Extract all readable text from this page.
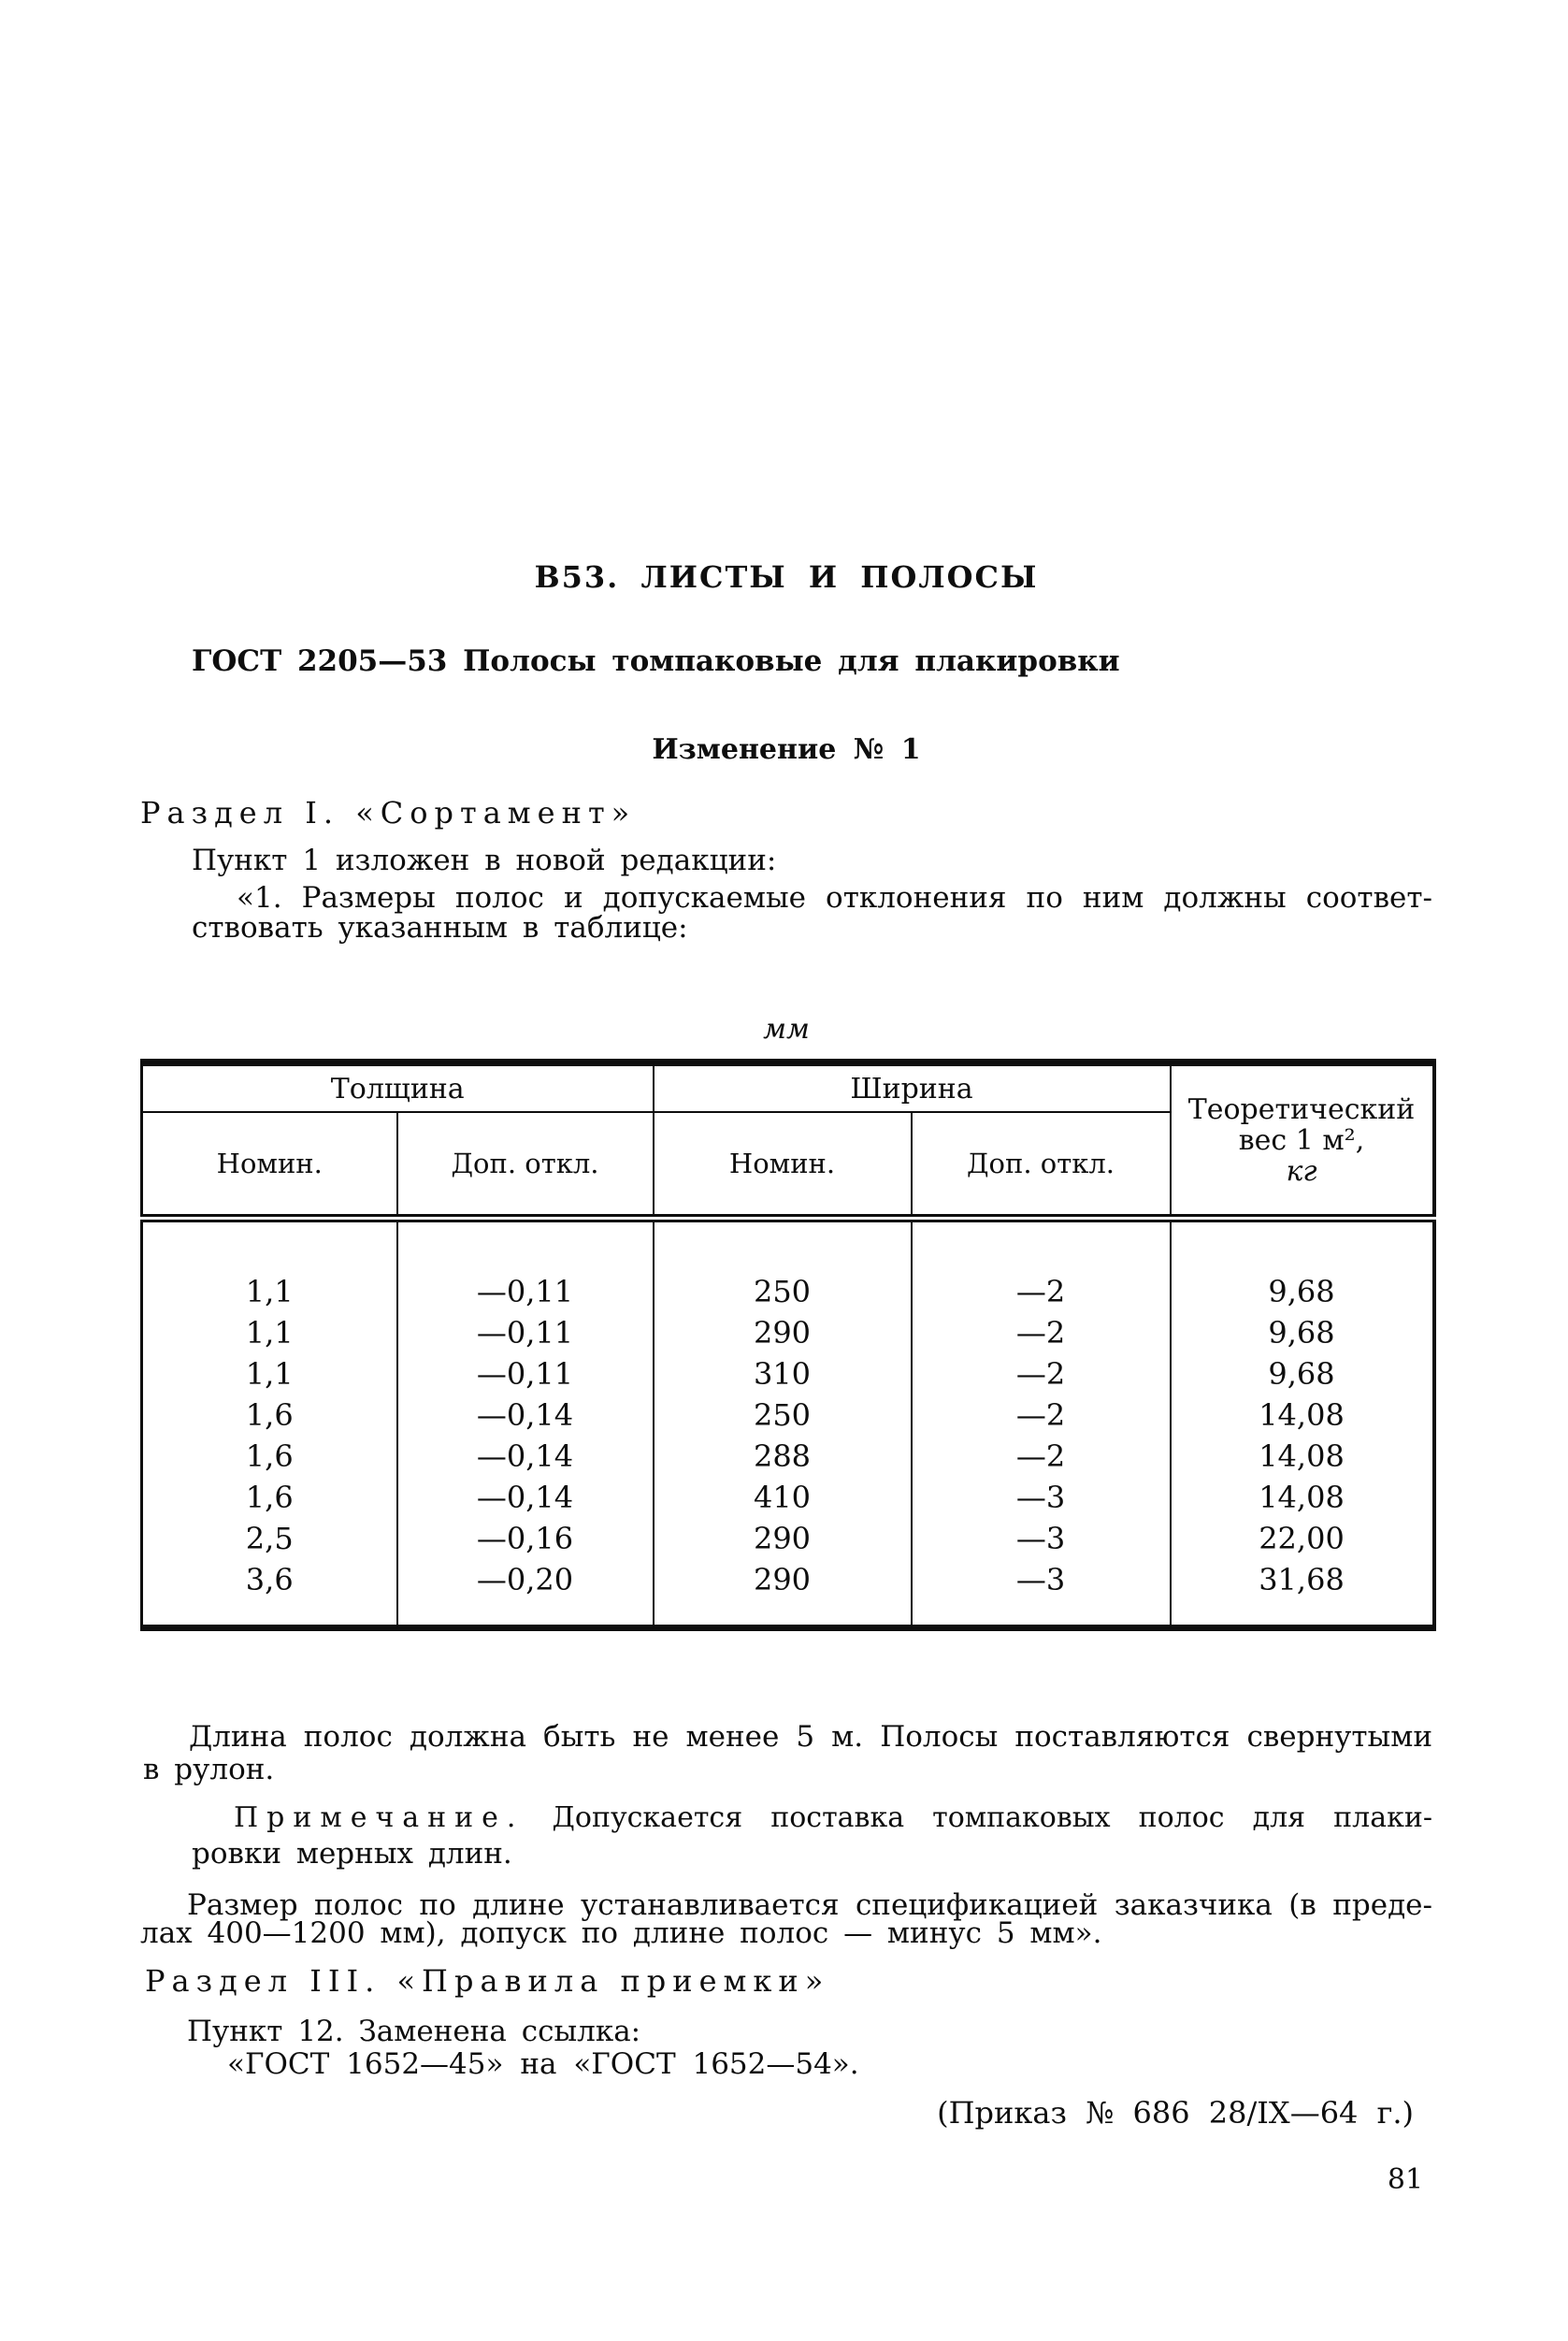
В53. ЛИСТЫ И ПОЛОСЫ
ГОСТ 2205—53 Полосы томпаковые для плакировки
Изменение № 1
Раздел I. «Сортамент»
Пункт 1 изложен в новой редакции:
«1. Размеры полос и допускаемые отклонения по ним должны соответ-
ствовать указанным в таблице:
мм
Толщина		Ширина		Теоретический вес 1 м²,
кг

Номин.	Доп. откл.	Номин.	Доп. откл.	
1,1	—0,11	250	—2	9,68
1,1	—0,11	290	—2	9,68
1,1	—0,11	310	—2	9,68
1,6	—0,14	250	—2	14,08
1,6	—0,14	288	—2	14,08
1,6	—0,14	410	—3	14,08
2,5	—0,16	290	—3	22,00
3,6	—0,20	290	—3	31,68
Длина полос должна быть не менее 5 м. Полосы поставляются свернутыми
в рулон.
Примечание. Допускается поставка томпаковых полос для плаки-
ровки мерных длин.
Размер полос по длине устанавливается спецификацией заказчика (в преде-
лах 400—1200 мм), допуск по длине полос — минус 5 мм».
Раздел III. «Правила приемки»
Пункт 12. Заменена ссылка:
«ГОСТ 1652—45» на «ГОСТ 1652—54».
(Приказ № 686 28/IX—64 г.)
81
